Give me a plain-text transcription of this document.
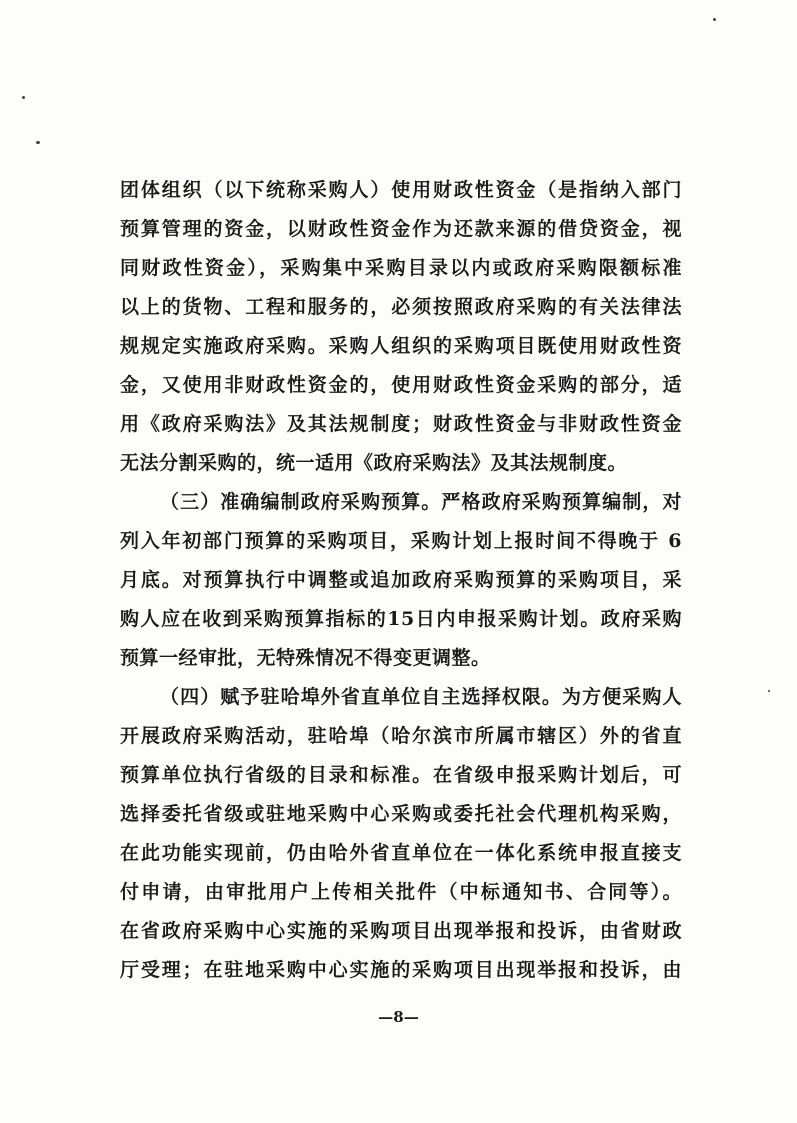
团体组织（以下统称采购人）使用财政性资金（是指纳入部门
预算管理的资金，以财政性资金作为还款来源的借贷资金，视
同财政性资金），采购集中采购目录以内或政府采购限额标准
以上的货物、工程和服务的，必须按照政府采购的有关法律法
规规定实施政府采购。采购人组织的采购项目既使用财政性资
金，又使用非财政性资金的，使用财政性资金采购的部分，适
用《政府采购法》及其法规制度；财政性资金与非财政性资金
无法分割采购的，统一适用《政府采购法》及其法规制度。
（三）准确编制政府采购预算。严格政府采购预算编制，对
列入年初部门预算的采购项目，采购计划上报时间不得晚于 6
月底。对预算执行中调整或追加政府采购预算的采购项目，采
购人应在收到采购预算指标的15日内申报采购计划。政府采购
预算一经审批，无特殊情况不得变更调整。
（四）赋予驻哈埠外省直单位自主选择权限。为方便采购人
开展政府采购活动，驻哈埠（哈尔滨市所属市辖区）外的省直
预算单位执行省级的目录和标准。在省级申报采购计划后，可
选择委托省级或驻地采购中心采购或委托社会代理机构采购，
在此功能实现前，仍由哈外省直单位在一体化系统申报直接支
付申请，由审批用户上传相关批件（中标通知书、合同等）。
在省政府采购中心实施的采购项目出现举报和投诉，由省财政
厅受理；在驻地采购中心实施的采购项目出现举报和投诉，由
—8—
